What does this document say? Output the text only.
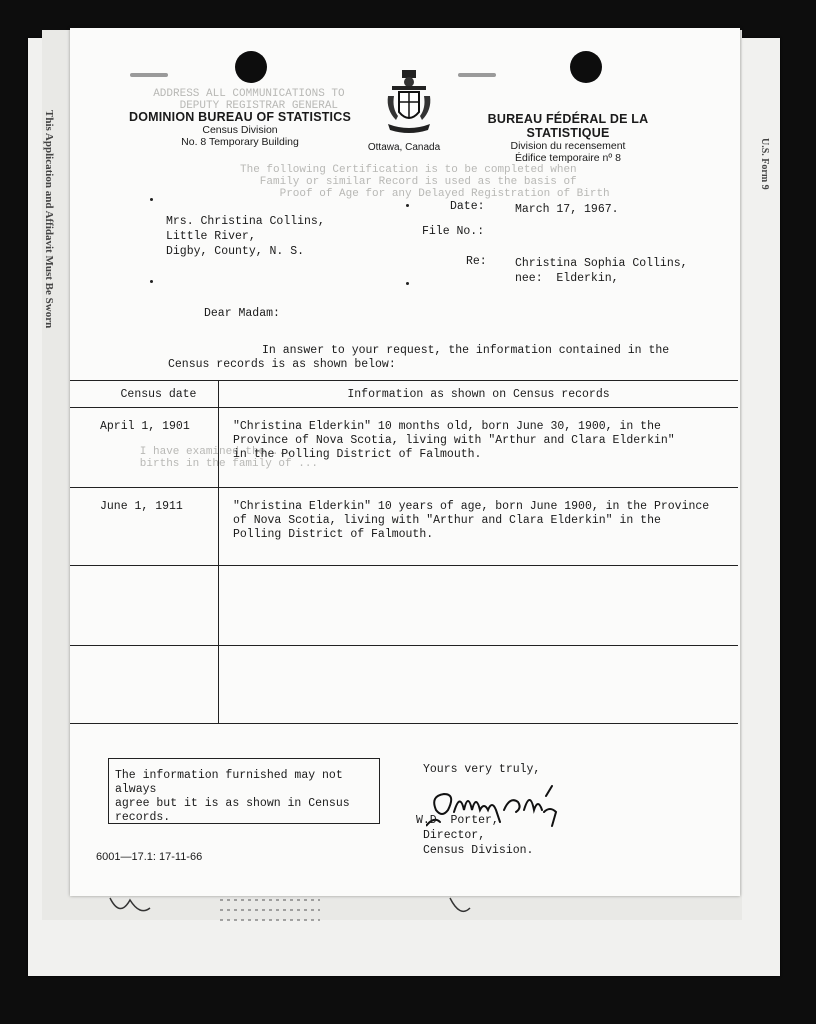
This Application and Affidavit Must Be Sworn	U.S. Form 9
ADDRESS ALL COMMUNICATIONS TO
DEPUTY REGISTRAR GENERAL
The following Certification is to be completed when
Family or similar Record is used as the basis of
Proof of Age for any Delayed Registration of Birth
I have examined the ...
births in the family of ...
DOMINION BUREAU OF STATISTICS
Census Division
No. 8 Temporary Building	Ottawa, Canada
BUREAU FÉDÉRAL DE LA STATISTIQUE
Division du recensement
Édifice temporaire nº 8
Mrs. Christina Collins,
Little River,
Digby, County, N. S.
Date:	March 17, 1967.
File No.:
Re: Christina Sophia Collins,
nee:  Elderkin,
Dear Madam:
In answer to your request, the information contained in the
Census records is as shown below:
Census date	Information as shown on Census records
April 1, 1901	"Christina Elderkin" 10 months old, born June 30, 1900, in the
Province of Nova Scotia, living with "Arthur and Clara Elderkin"
in the Polling District of Falmouth.

June 1, 1911	"Christina Elderkin" 10 years of age, born June 1900, in the Province
of Nova Scotia, living with "Arthur and Clara Elderkin" in the
Polling District of Falmouth.

The information furnished may not always
agree but it is as shown in Census
records.
Yours very truly,
W.D. Porter,
Director,
Census Division.
6001—17.1: 17-11-66
